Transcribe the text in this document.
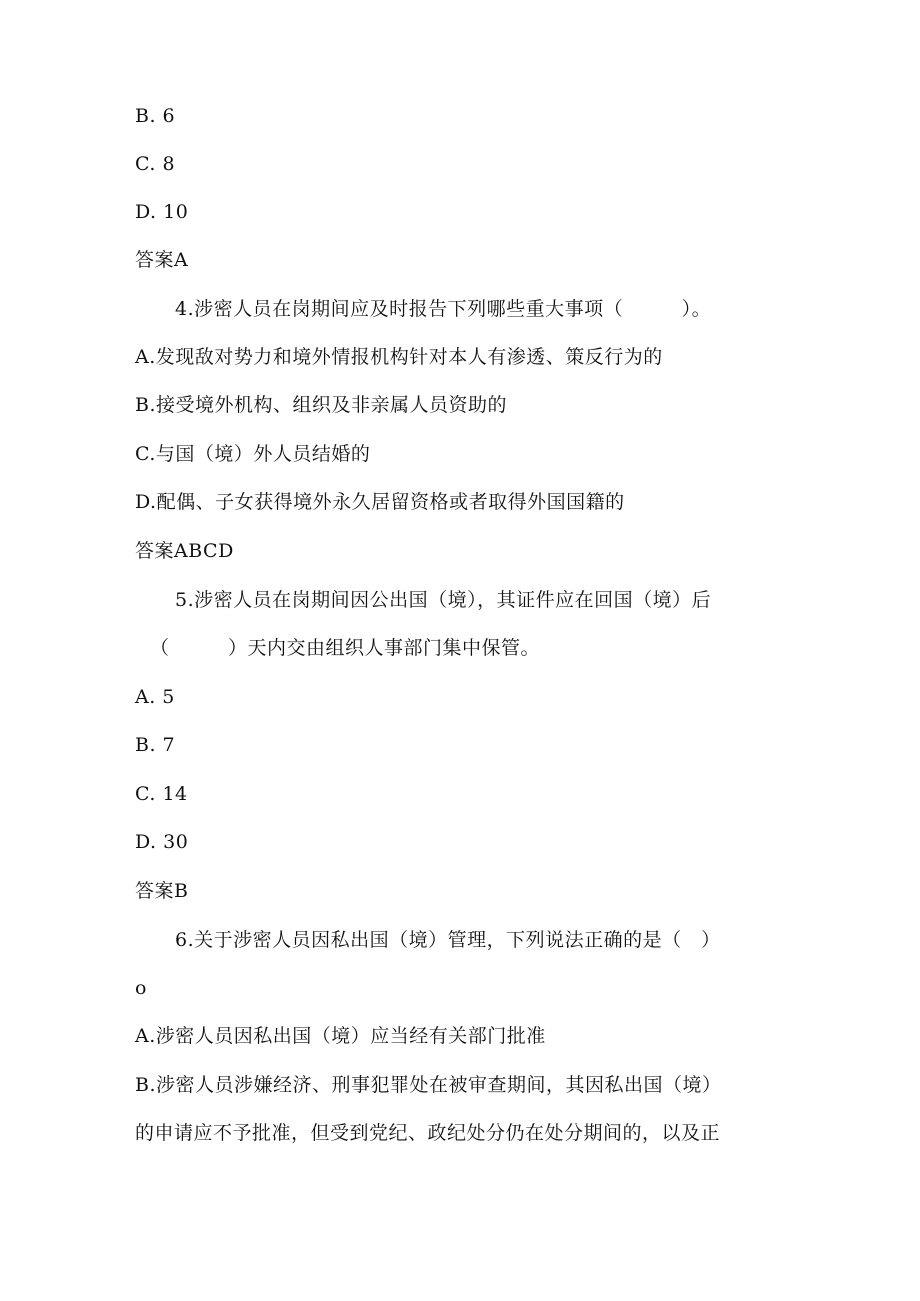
B. 6
C. 8
D. 10
答案A
4.涉密人员在岗期间应及时报告下列哪些重大事项（　　　）。
A.发现敌对势力和境外情报机构针对本人有渗透、策反行为的
B.接受境外机构、组织及非亲属人员资助的
C.与国（境）外人员结婚的
D.配偶、子女获得境外永久居留资格或者取得外国国籍的
答案ABCD
5.涉密人员在岗期间因公出国（境），其证件应在回国（境）后
（　　　）天内交由组织人事部门集中保管。
A. 5
B. 7
C. 14
D. 30
答案B
6.关于涉密人员因私出国（境）管理，下列说法正确的是（　）
o
A.涉密人员因私出国（境）应当经有关部门批准
B.涉密人员涉嫌经济、刑事犯罪处在被审查期间，其因私出国（境）
的申请应不予批准，但受到党纪、政纪处分仍在处分期间的，以及正
